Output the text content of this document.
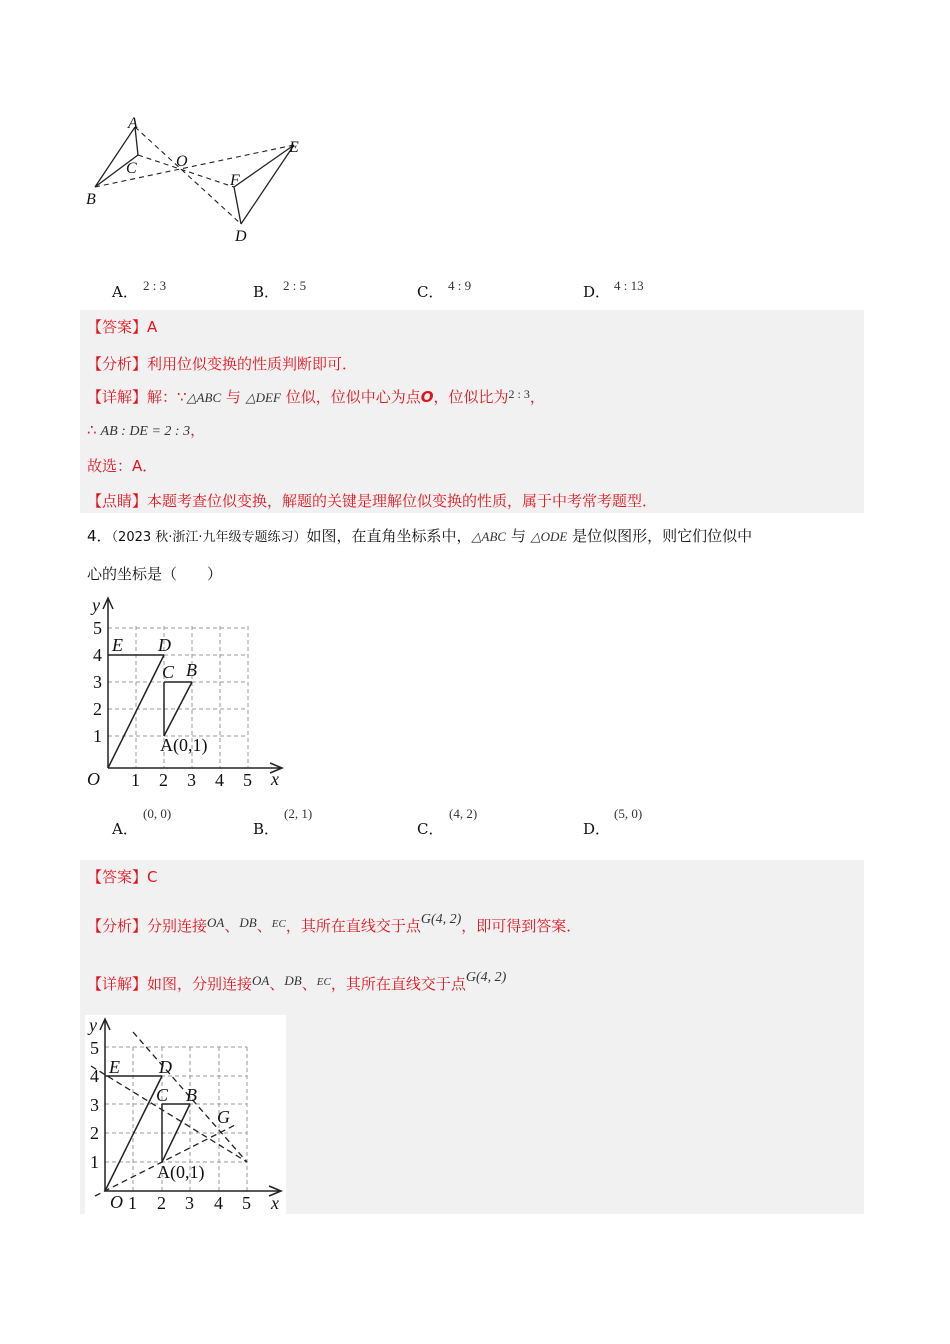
A
B
C O
E
F
D
A． 2 : 3	B． 2 : 5	C． 4 : 9	D． 4 : 13
【答案】A
【分析】利用位似变换的性质判断即可．
【详解】解：∵△ABC 与 △DEF 位似，位似中心为点O，位似比为$^{2 : 3}$，
∴ AB : DE = 2 : 3，
故选：A．
【点睛】本题考查位似变换，解题的关键是理解位似变换的性质，属于中考常考题型．
4．（2023 秋·浙江·九年级专题练习）如图，在直角坐标系中，△ABC 与 △ODE 是位似图形，则它们位似中
心的坐标是（　　）
y
x
O
E D
C B
A(0,1)
5
4
3
2
1
1 2 3 4 5
A．
(0, 0)
B．
(2, 1)
C．
(4, 2)
D．
(5, 0)
【答案】C
【分析】分别连接OA、DB、$^{EC}$，其所在直线交于点G(4, 2)，即可得到答案．
【详解】如图，分别连接OA、DB、$^{EC}$，其所在直线交于点G(4, 2)
y
x
O
E D
C B
G
A(0,1)
5
4
3
2
1
1 2 3 4 5
